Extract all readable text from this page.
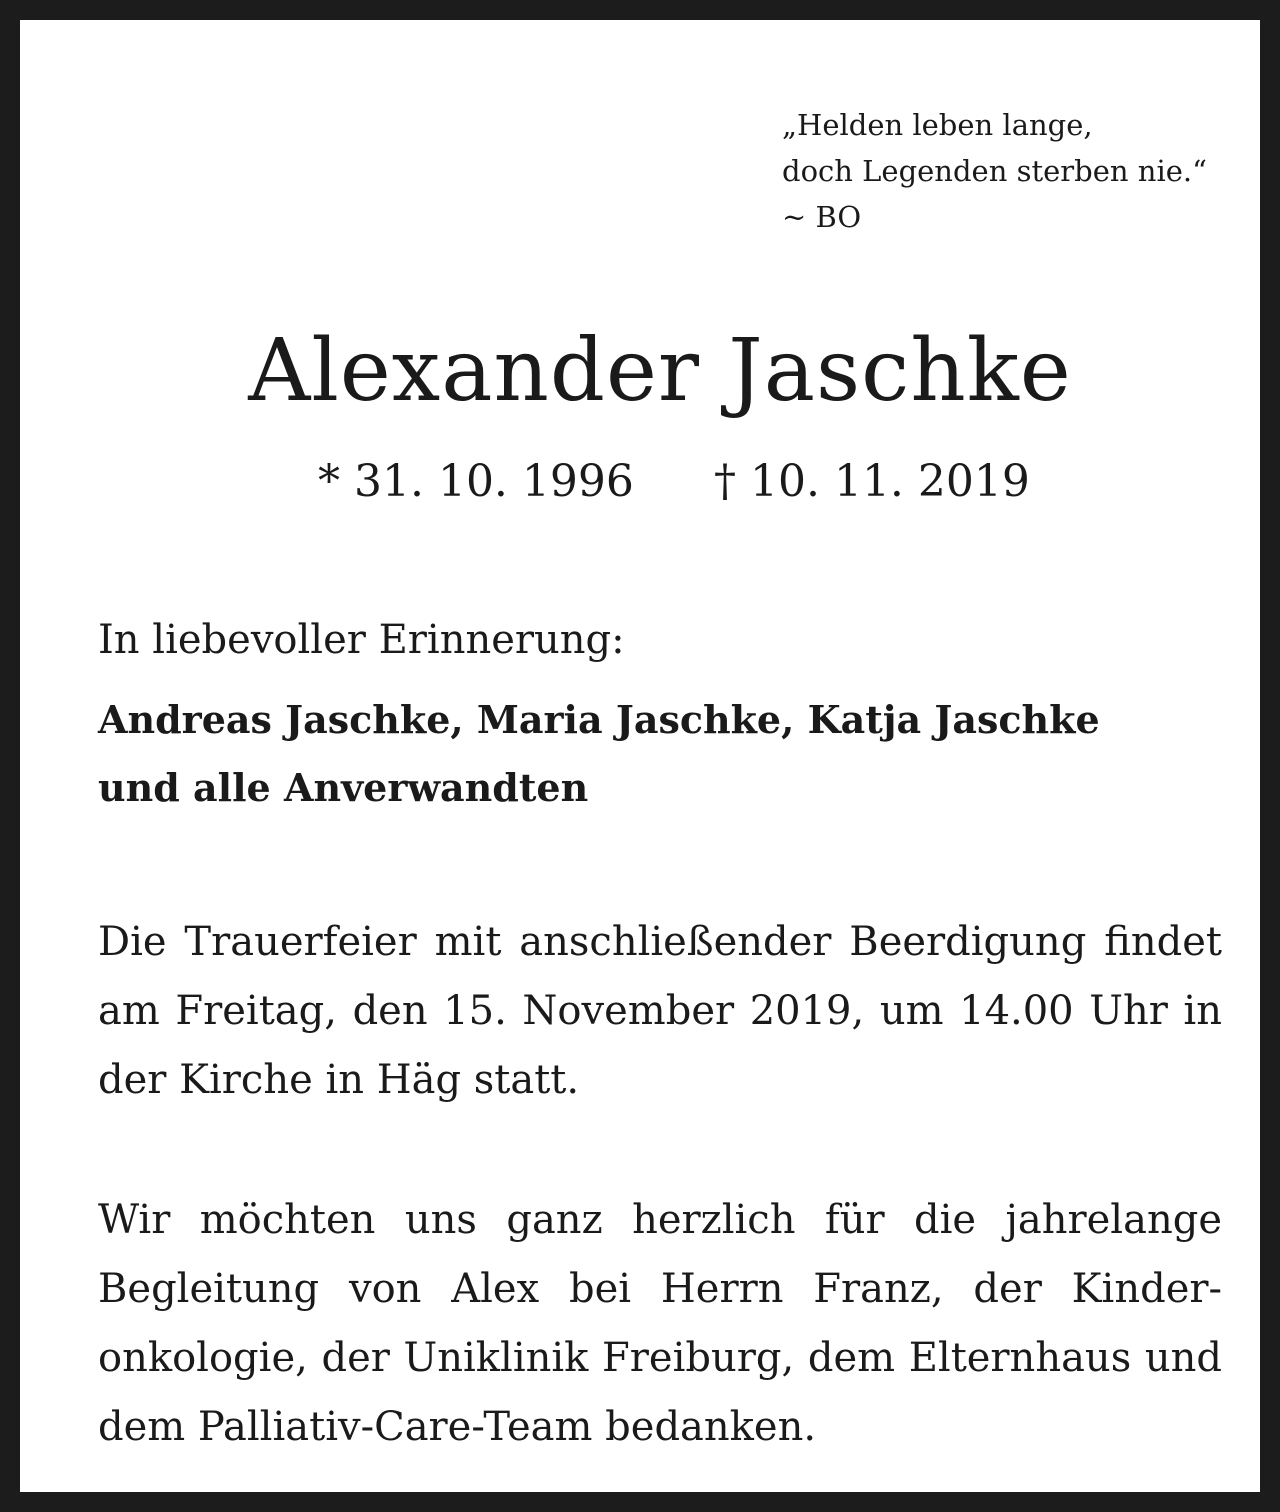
„Helden leben lange,
doch Legenden sterben nie.“
~ BO
Alexander Jaschke
* 31. 10. 1996 † 10. 11. 2019
In liebevoller Erinnerung:
Andreas Jaschke, Maria Jaschke, Katja Jaschke
und alle Anverwandten
Die Trauerfeier mit anschließender Beerdigung findet am Freitag, den 15. November 2019, um 14.00 Uhr in der Kirche in Häg statt.
Wir möchten uns ganz herzlich für die jahrelange Begleitung von Alex bei Herrn Franz, der Kinderonkologie, der Uniklinik Freiburg, dem Elternhaus und dem Palliativ-Care-Team bedanken.
